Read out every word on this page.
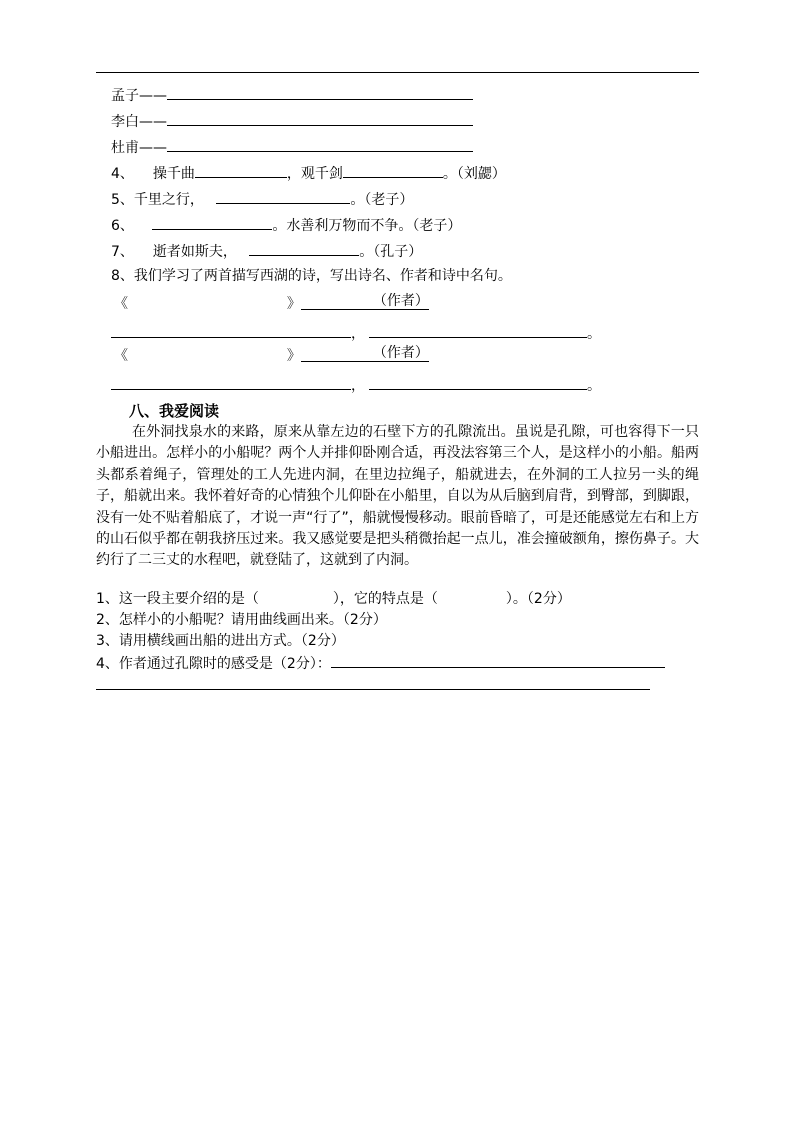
孟子——
李白——
杜甫——
4、 操千曲	，观千剑	。（刘勰）
5、千里之行，	。（老子）
6、	。水善利万物而不争。（老子）
7、 逝者如斯夫，	。（孔子）
8、我们学习了两首描写西湖的诗，写出诗名、作者和诗中名句。
《	》	（作者）
，	。
《	》	（作者）
，	。
八、我爱阅读
在外洞找泉水的来路，原来从靠左边的石壁下方的孔隙流出。虽说是孔隙，可也容得下一只小船进出。怎样小的小船呢？两个人并排仰卧刚合适，再没法容第三个人，是这样小的小船。船两头都系着绳子，管理处的工人先进内洞，在里边拉绳子，船就进去，在外洞的工人拉另一头的绳子，船就出来。我怀着好奇的心情独个儿仰卧在小船里，自以为从后脑到肩背，到臀部，到脚跟，没有一处不贴着船底了，才说一声“行了”，船就慢慢移动。眼前昏暗了，可是还能感觉左右和上方的山石似乎都在朝我挤压过来。我又感觉要是把头稍微抬起一点儿，准会撞破额角，擦伤鼻子。大约行了二三丈的水程吧，就登陆了，这就到了内洞。
1、这一段主要介绍的是（	），它的特点是（	）。（2分）
2、怎样小的小船呢？请用曲线画出来。（2分）
3、请用横线画出船的进出方式。（2分）
4、作者通过孔隙时的感受是（2分）：
